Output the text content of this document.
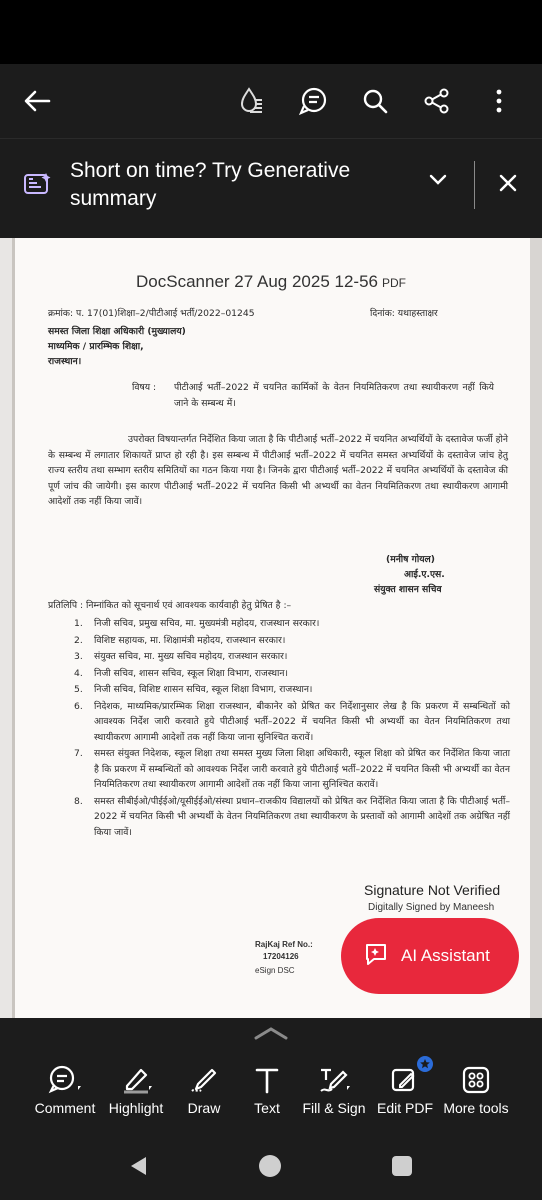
Short on time? Try Generative summary
DocScanner 27 Aug 2025 12-56 PDF
क्रमांक: प. 17(01)शिक्षा–2/पीटीआई भर्ती/2022–01245	दिनांक: यथाहस्ताक्षर
समस्त जिला शिक्षा अधिकारी (मुख्यालय)
माध्यमिक / प्रारम्भिक शिक्षा,
राजस्थान।
विषय : पीटीआई भर्ती–2022 में चयनित कार्मिकों के वेतन नियमितिकरण तथा स्थायीकरण नहीं किये जाने के सम्बन्ध में।
उपरोक्त विषयान्तर्गत निर्देशित किया जाता है कि पीटीआई भर्ती–2022 में चयनित अभ्यर्थियों के दस्तावेज फर्जी होने के सम्बन्ध में लगातार शिकायतें प्राप्त हो रही है। इस सम्बन्ध में पीटीआई भर्ती–2022 में चयनित समस्त अभ्यर्थियों के दस्तावेज जांच हेतु राज्य स्तरीय तथा सम्भाग स्तरीय समितियों का गठन किया गया है। जिनके द्वारा पीटीआई भर्ती–2022 में चयनित अभ्यर्थियों के दस्तावेज की पूर्ण जांच की जायेगी। इस कारण पीटीआई भर्ती–2022 में चयनित किसी भी अभ्यर्थी का वेतन नियमितिकरण तथा स्थायीकरण आगामी आदेशों तक नहीं किया जावें।
(मनीष गोयल)
आई.ए.एस.
संयुक्त शासन सचिव
प्रतिलिपि : निम्नांकित को सूचनार्थ एवं आवश्यक कार्यवाही हेतु प्रेषित है :–
1. निजी सचिव, प्रमुख सचिव, मा. मुख्यमंत्री महोदय, राजस्थान सरकार।
2. विशिष्ट सहायक, मा. शिक्षामंत्री महोदय, राजस्थान सरकार।
3. संयुक्त सचिव, मा. मुख्य सचिव महोदय, राजस्थान सरकार।
4. निजी सचिव, शासन सचिव, स्कूल शिक्षा विभाग, राजस्थान।
5. निजी सचिव, विशिष्ट शासन सचिव, स्कूल शिक्षा विभाग, राजस्थान।
6. निदेशक, माध्यमिक/प्रारम्भिक शिक्षा राजस्थान, बीकानेर को प्रेषित कर निर्देशानुसार लेख है कि प्रकरण में सम्बन्धितों को आवश्यक निर्देश जारी करवाते हुये पीटीआई भर्ती–2022 में चयनित किसी भी अभ्यर्थी का वेतन नियमितिकरण तथा स्थायीकरण आगामी आदेशों तक नहीं किया जाना सुनिश्चित करावें।
7. समस्त संयुक्त निदेशक, स्कूल शिक्षा तथा समस्त मुख्य जिला शिक्षा अधिकारी, स्कूल शिक्षा को प्रेषित कर निर्देशित किया जाता है कि प्रकरण में सम्बन्धितों को आवश्यक निर्देश जारी करवाते हुये पीटीआई भर्ती–2022 में चयनित किसी भी अभ्यर्थी का वेतन नियमितिकरण तथा स्थायीकरण आगामी आदेशों तक नहीं किया जाना सुनिश्चित करावें।
8. समस्त सीबीईओ/पीईईओ/यूसीईईओ/संस्था प्रधान–राजकीय विद्यालयों को प्रेषित कर निर्देशित किया जाता है कि पीटीआई भर्ती–2022 में चयनित किसी भी अभ्यर्थी के वेतन नियमितिकरण तथा स्थायीकरण के प्रस्तावों को आगामी आदेशों तक अग्रेषित नहीं किया जावें।
Signature Not Verified
Digitally Signed by Maneesh
RajKaj Ref No.:
17204126
eSign DSC
AI Assistant
Comment Highlight	Draw	Text	Fill & Sign Edit PDF More tools
